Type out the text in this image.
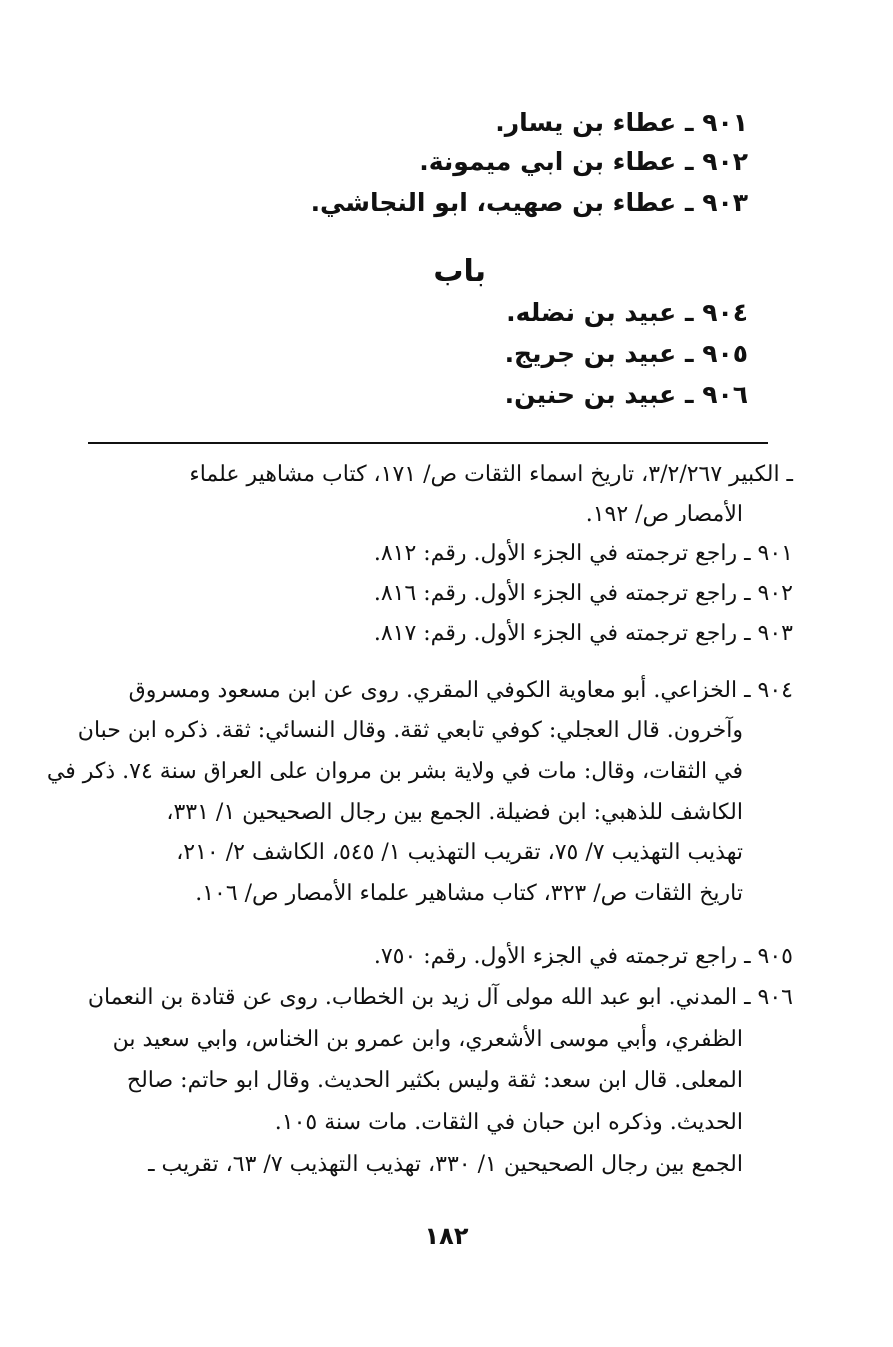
٩٠١ ـ عطاء بن يسار.
٩٠٢ ـ عطاء بن ابي ميمونة.
٩٠٣ ـ عطاء بن صهيب، ابو النجاشي.
باب
٩٠٤ ـ عبيد بن نضله.
٩٠٥ ـ عبيد بن جريج.
٩٠٦ ـ عبيد بن حنين.
ـ الكبير ٣/٢/٢٦٧، تاريخ اسماء الثقات ص/ ١٧١، كتاب مشاهير علماء
الأمصار ص/ ١٩٢.
٩٠١ ـ راجع ترجمته في الجزء الأول. رقم: ٨١٢.
٩٠٢ ـ راجع ترجمته في الجزء الأول. رقم: ٨١٦.
٩٠٣ ـ راجع ترجمته في الجزء الأول. رقم: ٨١٧.
٩٠٤ ـ الخزاعي. أبو معاوية الكوفي المقري. روى عن ابن مسعود ومسروق
وآخرون. قال العجلي: كوفي تابعي ثقة. وقال النسائي: ثقة. ذكره ابن حبان
في الثقات، وقال: مات في ولاية بشر بن مروان على العراق سنة ٧٤. ذكر في
الكاشف للذهبي: ابن فضيلة. الجمع بين رجال الصحيحين ١/ ٣٣١،
تهذيب التهذيب ٧/ ٧٥، تقريب التهذيب ١/ ٥٤٥، الكاشف ٢/ ٢١٠،
تاريخ الثقات ص/ ٣٢٣، كتاب مشاهير علماء الأمصار ص/ ١٠٦.
٩٠٥ ـ راجع ترجمته في الجزء الأول. رقم: ٧٥٠.
٩٠٦ ـ المدني. ابو عبد الله مولى آل زيد بن الخطاب. روى عن قتادة بن النعمان
الظفري، وأبي موسى الأشعري، وابن عمرو بن الخناس، وابي سعيد بن
المعلى. قال ابن سعد: ثقة وليس بكثير الحديث. وقال ابو حاتم: صالح
الحديث. وذكره ابن حبان في الثقات. مات سنة ١٠٥.
الجمع بين رجال الصحيحين ١/ ٣٣٠، تهذيب التهذيب ٧/ ٦٣، تقريب ـ
١٨٢
